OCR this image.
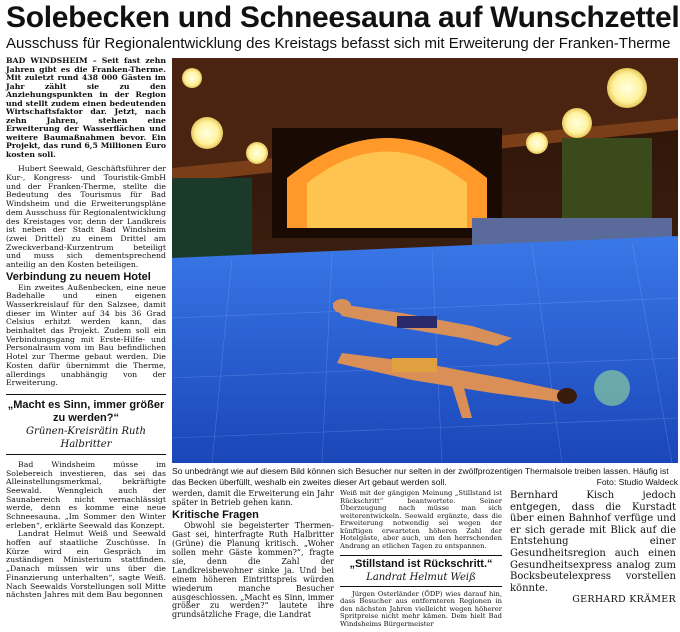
Solebecken und Schneesauna auf Wunschzettel
Ausschuss für Regionalentwicklung des Kreistags befasst sich mit Erweiterung der Franken-Therme

BAD WINDSHEIM – Seit fast zehn Jahren gibt es die Franken-Therme. Mit zuletzt rund 438 000 Gästen im Jahr zählt sie zu den Anziehungspunkten in der Region und stellt zudem einen bedeutenden Wirtschaftsfaktor dar. Jetzt, nach zehn Jahren, stehen eine Erweiterung der Wasserflächen und weitere Baumaßnahmen bevor. Ein Projekt, das rund 6,5 Millionen Euro kosten soll.

Hubert Seewald, Geschäftsführer der Kur-, Kongress- und Touristik-GmbH und der Franken-Therme, stellte die Bedeutung des Tourismus für Bad Windsheim und die Erweiterungspläne dem Ausschuss für Regionalentwicklung des Kreistages vor, denn der Landkreis ist neben der Stadt Bad Windsheim (zwei Drittel) zu einem Drittel am Zweckverband-Kurzentrum beteiligt und muss sich dementsprechend anteilig an den Kosten beteiligen.

Verbindung zu neuem Hotel

Ein zweites Außenbecken, eine neue Badehalle und einen eigenen Wasserkreislauf für den Salzsee, damit dieser im Winter auf 34 bis 36 Grad Celsius erhitzt werden kann, das beinhaltet das Projekt. Zudem soll ein Verbindungsgang mit Erste-Hilfe- und Personalraum vom im Bau befindlichen Hotel zur Therme gebaut werden. Die Kosten dafür übernimmt die Therme, allerdings unabhängig von der Erweiterung.

„Macht es Sinn, immer größer zu werden?“
Grünen-Kreisrätin Ruth Halbritter

Bad Windsheim müsse im Solebereich investieren, das sei das Alleinstellungsmerkmal, bekräftigte Seewald. Wenngleich auch der Saunabereich nicht vernachlässigt werde, denn es komme eine neue Schneesauna. „Im Sommer den Winter erleben“, erklärte Seewald das Konzept.

Landrat Helmut Weiß und Seewald hoffen auf staatliche Zuschüsse. In Kürze wird ein Gespräch im zuständigen Ministerium stattfinden. „Danach müssen wir uns über die Finanzierung unterhalten“, sagte Weiß. Nach Seewalds Vorstellungen soll Mitte nächsten Jahres mit dem Bau begonnen

So unbedrängt wie auf diesem Bild können sich Besucher nur selten in der zwölfprozentigen Thermalsole treiben lassen. Häufig ist das Becken überfüllt, weshalb ein zweites dieser Art gebaut werden soll.	Foto: Studio Waldeck

werden, damit die Erweiterung ein Jahr später in Betrieb gehen kann.

Kritische Fragen

Obwohl sie begeisterter Thermen-Gast sei, hinterfragte Ruth Halbritter (Grüne) die Planung kritisch. „Woher sollen mehr Gäste kommen?“, fragte sie, denn die Zahl der Landkreisbewohner sinke ja. Und bei einem höheren Eintrittspreis würden wiederum manche Besucher ausgeschlossen. „Macht es Sinn, immer größer zu werden?“ lautete ihre grundsätzliche Frage, die Landrat

Weiß mit der gängigen Meinung „Stillstand ist Rückschritt“ beantwortete. Seiner Überzeugung nach müsse man sich weiterentwickeln. Seewald ergänzte, dass die Erweiterung notwendig sei wegen der künftigen erwarteten höheren Zahl der Hotelgäste, aber auch, um den herrschenden Andrang an etlichen Tagen zu entspannen.

„Stillstand ist Rückschritt.“
Landrat Helmut Weiß

Jürgen Osterländer (ÖDP) wies darauf hin, dass Besucher aus entfernteren Regionen in den nächsten Jahren vielleicht wegen höherer Spritpreise nicht mehr kämen. Dem hielt Bad Windsheims Bürgermeister

Bernhard Kisch jedoch entgegen, dass die Kurstadt über einen Bahnhof verfüge und er sich gerade mit Blick auf die Entstehung einer Gesundheitsregion auch einen Gesundheitsexpress analog zum Bocksbeutelexpress vorstellen könnte.

GERHARD KRÄMER
